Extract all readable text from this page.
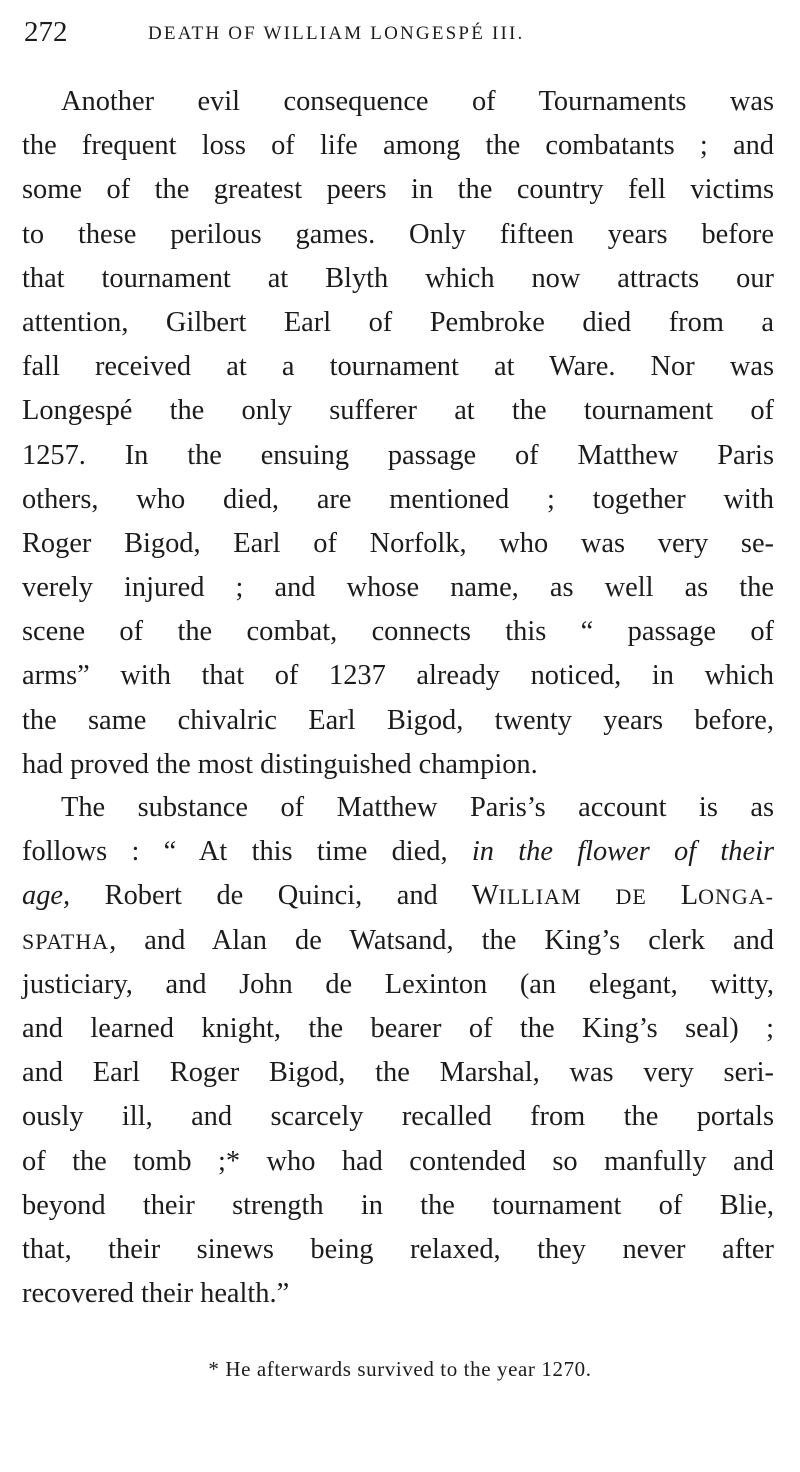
272	DEATH OF WILLIAM LONGESPÉ III.
Another evil consequence of Tournaments was
the frequent loss of life among the combatants ; and
some of the greatest peers in the country fell victims
to these perilous games. Only fifteen years before
that tournament at Blyth which now attracts our
attention, Gilbert Earl of Pembroke died from a
fall received at a tournament at Ware. Nor was
Longespé the only sufferer at the tournament of
1257. In the ensuing passage of Matthew Paris
others, who died, are mentioned ; together with
Roger Bigod, Earl of Norfolk, who was very se-
verely injured ; and whose name, as well as the
scene of the combat, connects this “ passage of
arms” with that of 1237 already noticed, in which
the same chivalric Earl Bigod, twenty years before,
had proved the most distinguished champion.
The substance of Matthew Paris’s account is as
follows : “ At this time died, in the flower of their
age, Robert de Quinci, and WILLIAM DE LONGA-
SPATHA, and Alan de Watsand, the King’s clerk and
justiciary, and John de Lexinton (an elegant, witty,
and learned knight, the bearer of the King’s seal) ;
and Earl Roger Bigod, the Marshal, was very seri-
ously ill, and scarcely recalled from the portals
of the tomb ;* who had contended so manfully and
beyond their strength in the tournament of Blie,
that, their sinews being relaxed, they never after
recovered their health.”
* He afterwards survived to the year 1270.
